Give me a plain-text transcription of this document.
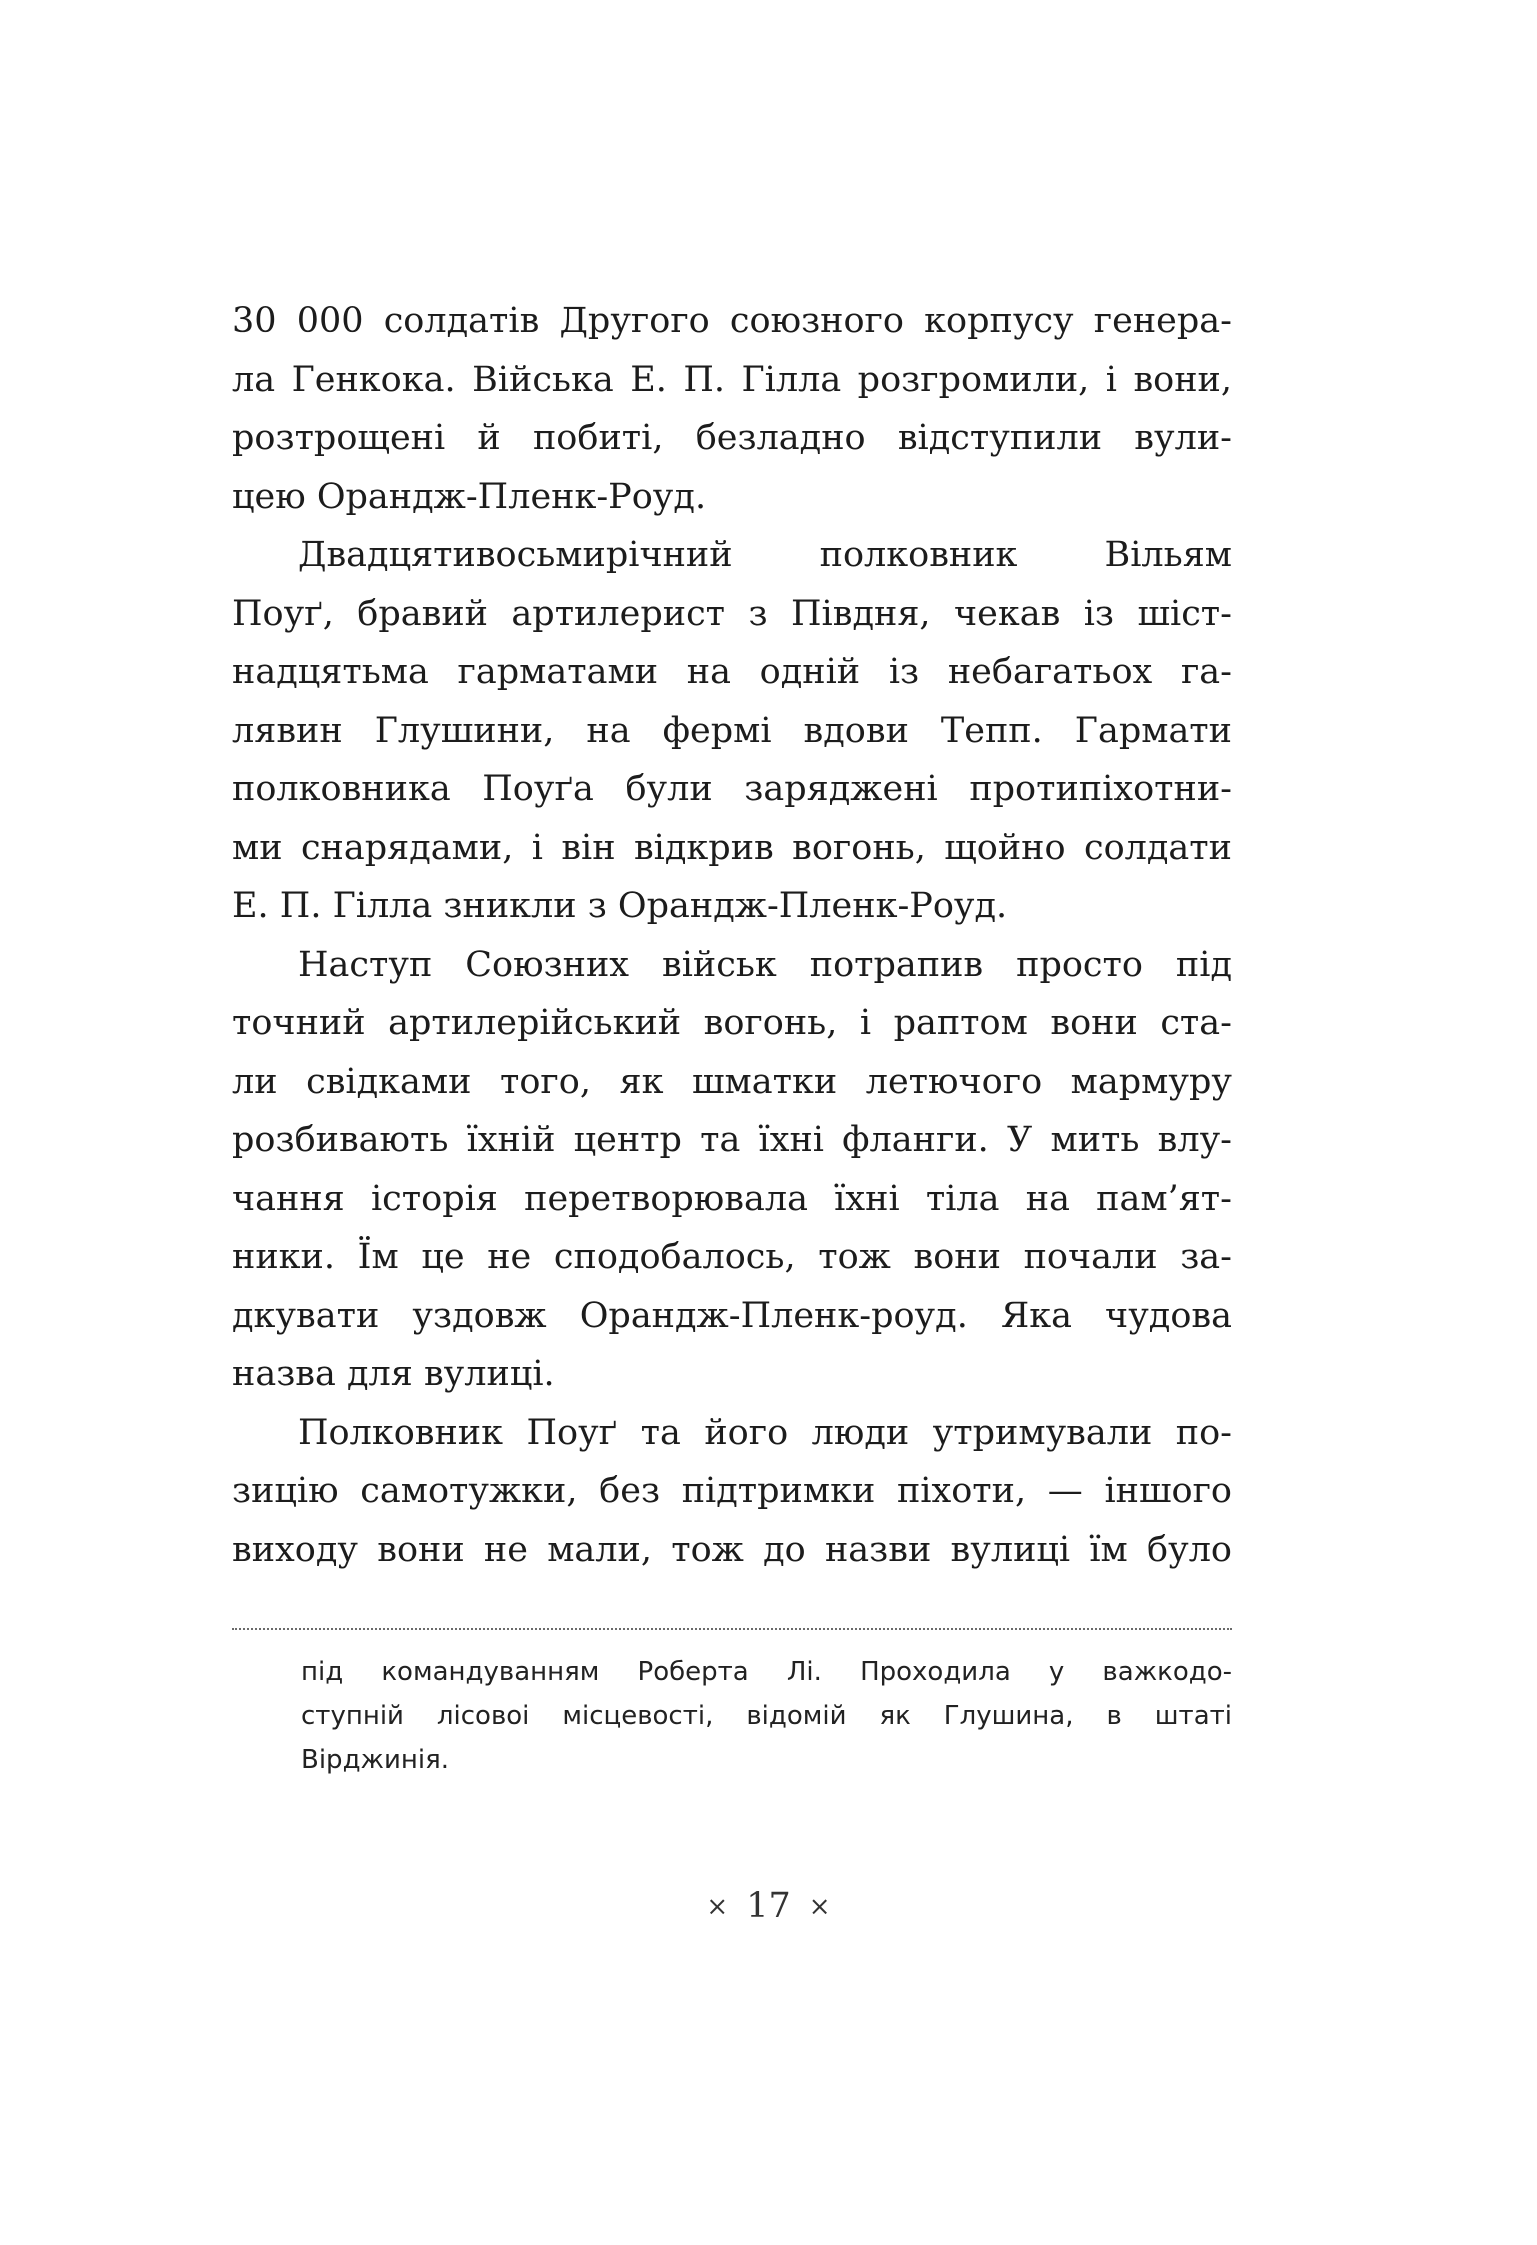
30 000 солдатів Другого союзного корпусу генера-
ла Генкока. Війська Е. П. Гілла розгромили, і вони,
розтрощені й побиті, безладно відступили вули-
цею Орандж-Пленк-Роуд.
Двадцятивосьмирічний полковник Вільям
Поуґ, бравий артилерист з Півдня, чекав із шіст-
надцятьма гарматами на одній із небагатьох га-
лявин Глушини, на фермі вдови Тепп. Гармати
полковника Поуґа були заряджені протипіхотни-
ми снарядами, і він відкрив вогонь, щойно солдати
Е. П. Гілла зникли з Орандж-Пленк-Роуд.
Наступ Союзних військ потрапив просто під
точний артилерійський вогонь, і раптом вони ста-
ли свідками того, як шматки летючого мармуру
розбивають їхній центр та їхні фланги. У мить влу-
чання історія перетворювала їхні тіла на пам’ят-
ники. Їм це не сподобалось, тож вони почали за-
дкувати уздовж Орандж-Пленк-роуд. Яка чудова
назва для вулиці.
Полковник Поуґ та його люди утримували по-
зицію самотужки, без підтримки піхоти, — іншого
виходу вони не мали, тож до назви вулиці їм було
під командуванням Роберта Лі. Проходила у важкодо-
ступній лісовоі місцевості, відомій як Глушина, в штаті
Вірджинія.
× 17 ×
